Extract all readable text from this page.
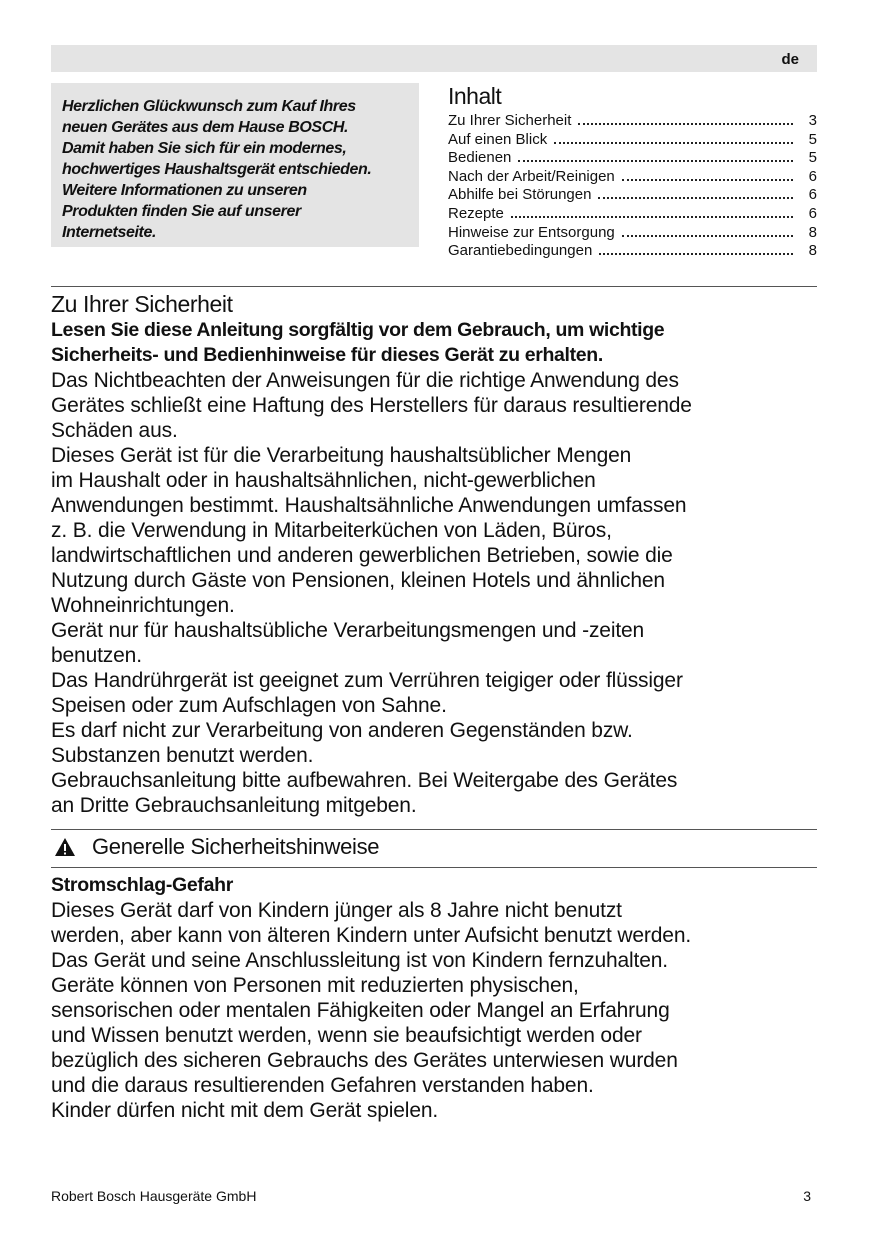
de

Herzlichen Glückwunsch zum Kauf Ihres
neuen Gerätes aus dem Hause BOSCH.
Damit haben Sie sich für ein modernes,
hochwertiges Haushaltsgerät entschieden.
Weitere Informationen zu unseren
Produkten finden Sie auf unserer
Internetseite.

Inhalt
Zu Ihrer Sicherheit	3
Auf einen Blick	5
Bedienen	5
Nach der Arbeit/Reinigen	6
Abhilfe bei Störungen	6
Rezepte	6
Hinweise zur Entsorgung	8
Garantiebedingungen	8
Zu Ihrer Sicherheit

Lesen Sie diese Anleitung sorgfältig vor dem Gebrauch, um wichtige
Sicherheits- und Bedienhinweise für dieses Gerät zu erhalten.

Das Nichtbeachten der Anweisungen für die richtige Anwendung des
Gerätes schließt eine Haftung des Herstellers für daraus resultierende
Schäden aus.
Dieses Gerät ist für die Verarbeitung haushaltsüblicher Mengen
im Haushalt oder in haushaltsähnlichen, nicht-gewerblichen
Anwendungen bestimmt. Haushaltsähnliche Anwendungen umfassen
z. B. die Verwendung in Mitarbeiterküchen von Läden, Büros,
landwirtschaftlichen und anderen gewerblichen Betrieben, sowie die
Nutzung durch Gäste von Pensionen, kleinen Hotels und ähnlichen
Wohneinrichtungen.
Gerät nur für haushaltsübliche Verarbeitungsmengen und -zeiten
benutzen.
Das Handrührgerät ist geeignet zum Verrühren teigiger oder flüssiger
Speisen oder zum Aufschlagen von Sahne.
Es darf nicht zur Verarbeitung von anderen Gegenständen bzw.
Substanzen benutzt werden.
Gebrauchsanleitung bitte aufbewahren. Bei Weitergabe des Gerätes
an Dritte Gebrauchsanleitung mitgeben.

Generelle Sicherheitshinweise

Stromschlag-Gefahr

Dieses Gerät darf von Kindern jünger als 8 Jahre nicht benutzt
werden, aber kann von älteren Kindern unter Aufsicht benutzt werden.
Das Gerät und seine Anschlussleitung ist von Kindern fernzuhalten.
Geräte können von Personen mit reduzierten physischen,
sensorischen oder mentalen Fähigkeiten oder Mangel an Erfahrung
und Wissen benutzt werden, wenn sie beaufsichtigt werden oder
bezüglich des sicheren Gebrauchs des Gerätes unterwiesen wurden
und die daraus resultierenden Gefahren verstanden haben.
Kinder dürfen nicht mit dem Gerät spielen.

Robert Bosch Hausgeräte GmbH	3
